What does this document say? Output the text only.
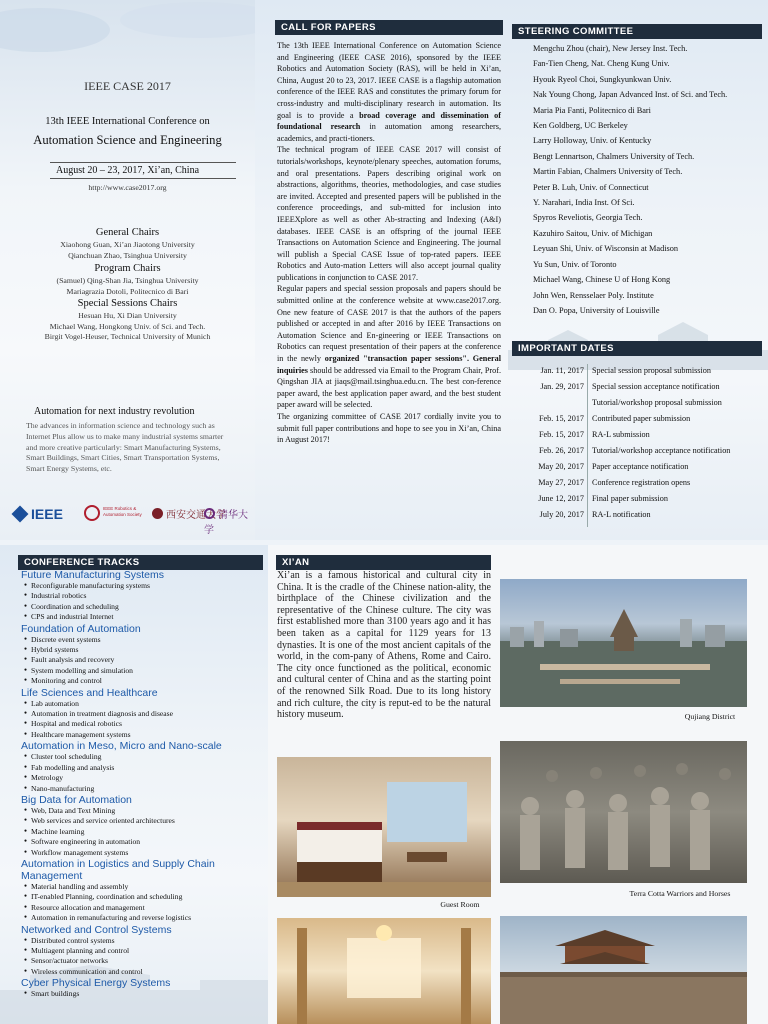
IEEE CASE 2017
13th IEEE International Conference on
Automation Science and Engineering
August 20 – 23, 2017, Xi’an, China
http://www.case2017.org
General Chairs
Xiaohong Guan, Xi’an Jiaotong University
Qianchuan Zhao, Tsinghua University
Program Chairs
(Samuel) Qing-Shan Jia, Tsinghua University
Mariagrazia Dotoli, Politecnico di Bari
Special Sessions Chairs
Hesuan Hu, Xi Dian University
Michael Wang, Hongkong Univ. of Sci. and Tech.
Birgit Vogel-Heuser, Technical University of Munich
Automation for next industry revolution
The advances in information science and technology such as Internet Plus allow us to make many industrial systems smarter and more creative particularly: Smart Manufacturing Systems, Smart Buildings, Smart Cities, Smart Transportation Systems, Smart Energy Systems, etc.
IEEE	IEEE Robotics & Automation Society	西安交通大学
清华大学
CALL FOR PAPERS
The 13th IEEE International Conference on Automation Science and Engineering (IEEE CASE 2016), sponsored by the IEEE Robotics and Automation Society (RAS), will be held in Xi’an, China, August 20 to 23, 2017. IEEE CASE is a flagship automation conference of the IEEE RAS and constitutes the primary forum for cross-industry and multi-disciplinary research in automation. Its goal is to provide a broad coverage and dissemination of foundational research in automation among researchers, academics, and practi-tioners.
The technical program of IEEE CASE 2017 will consist of tutorials/workshops, keynote/plenary speeches, automation forums, and oral presentations. Papers describing original work on abstractions, algorithms, theories, methodologies, and case studies are invited. Accepted and presented papers will be published in the conference proceedings, and sub-mitted for inclusion into IEEEXplore as well as other Ab-stracting and Indexing (A&I) databases. IEEE CASE is an offspring of the journal IEEE Transactions on Automation Science and Engineering. The journal will publish a Special CASE Issue of top-rated papers. IEEE Robotics and Auto-mation Letters will also accept journal quality publications in conjunction to CASE 2017.
Regular papers and special session proposals and papers should be submitted online at the conference website at www.case2017.org. One new feature of CASE 2017 is that the authors of the papers published or accepted in and after 2016 by IEEE Transactions on Automation Science and En-gineering or IEEE Transactions on Robotics can request presentation of their papers at the conference in the newly organized "transaction paper sessions". General inquiries should be addressed via Email to the Program Chair, Prof. Qingshan JIA at jiaqs@mail.tsinghua.edu.cn. The best con-ference paper award, the best application paper award, and the best student paper award will be selected.
The organizing committee of CASE 2017 cordially invite you to submit full paper contributions and hope to see you in Xi’an, China in August 2017!
STEERING COMMITTEE
Mengchu Zhou (chair), New Jersey Inst. Tech.
Fan-Tien Cheng, Nat. Cheng Kung Univ.
Hyouk Ryeol Choi, Sungkyunkwan Univ.
Nak Young Chong, Japan Advanced Inst. of Sci. and Tech.
Maria Pia Fanti, Politecnico di Bari
Ken Goldberg, UC Berkeley
Larry Holloway, Univ. of Kentucky
Bengt Lennartson, Chalmers University of Tech.
Martin Fabian, Chalmers University of Tech.
Peter B. Luh, Univ. of Connecticut
Y. Narahari, India Inst. Of Sci.
Spyros Reveliotis, Georgia Tech.
Kazuhiro Saitou, Univ. of Michigan
Leyuan Shi, Univ. of Wisconsin at Madison
Yu Sun, Univ. of Toronto
Michael Wang, Chinese U of Hong Kong
John Wen, Rensselaer Poly. Institute
Dan O. Popa, University of Louisville
IMPORTANT DATES
Jan. 11, 2017 Special session proposal submission
Jan. 29, 2017 Special session acceptance notification
Tutorial/workshop proposal submission
Feb. 15, 2017 Contributed paper submission
Feb. 15, 2017 RA-L submission
Feb. 26, 2017 Tutorial/workshop acceptance notification
May 20, 2017 Paper acceptance notification
May 27, 2017 Conference registration opens
June 12, 2017 Final paper submission
July 20, 2017 RA-L notification
CONFERENCE TRACKS
Future Manufacturing Systems
● Reconfigurable manufacturing systems
● Industrial robotics
● Coordination and scheduling
● CPS and industrial Internet
Foundation of Automation
● Discrete event systems
● Hybrid systems
● Fault analysis and recovery
● System modelling and simulation
● Monitoring and control
Life Sciences and Healthcare
● Lab automation
● Automation in treatment diagnosis and disease
● Hospital and medical robotics
● Healthcare management systems
Automation in Meso, Micro and Nano-scale
● Cluster tool scheduling
● Fab modelling and analysis
● Metrology
● Nano-manufacturing
Big Data for Automation
● Web, Data and Text Mining
● Web services and service oriented architectures
● Machine learning
● Software engineering in automation
● Workflow management systems
Automation in Logistics and Supply Chain Management
● Material handling and assembly
● IT-enabled Planning, coordination and scheduling
● Resource allocation and management
● Automation in remanufacturing and reverse logistics
Networked and Control Systems
● Distributed control systems
● Multiagent planning and control
● Sensor/actuator networks
● Wireless communication and control
Cyber Physical Energy Systems
● Smart buildings
XI’AN
Xi’an is a famous historical and cultural city in China. It is the cradle of the Chinese nation-ality, the birthplace of the Chinese civilization and the representative of the Chinese culture. The city was first established more than 3100 years ago and it has been taken as a capital for 1129 years for 13 dynasties. It is one of the most ancient capitals of the world, in the com-pany of Athens, Rome and Cairo. The city once functioned as the political, economic and cultural center of China and as the starting point of the renowned Silk Road. Due to its long history and rich culture, the city is reput-ed to be the natural history museum.	Qujiang District
Guest Room
Terra Cotta Warriors and Horses
